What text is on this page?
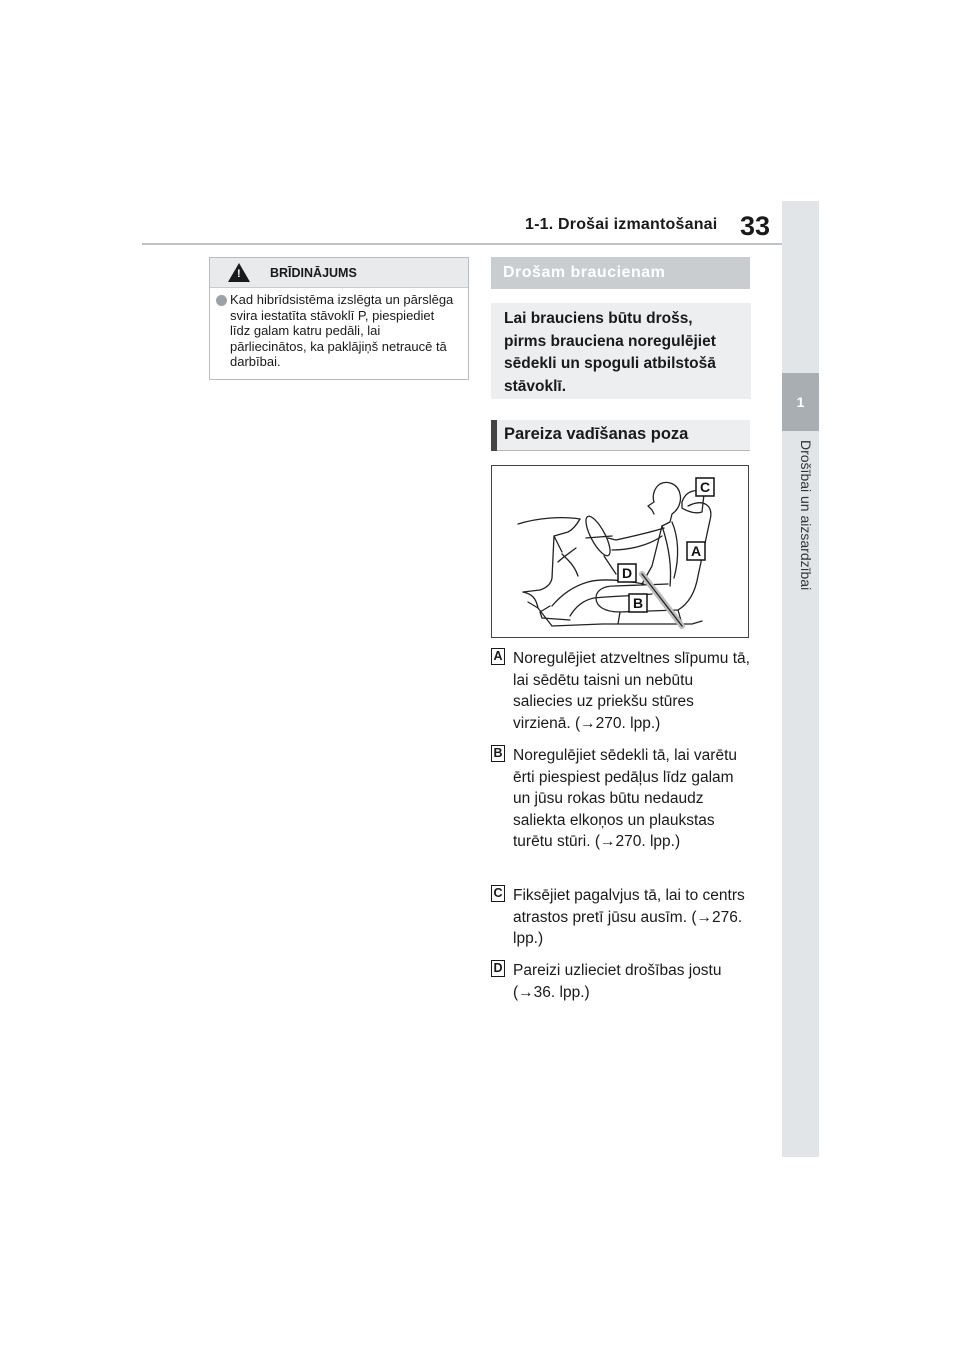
1-1. Drošai izmantošanai 33
1
Drošībai un aizsardzībai
! BRĪDINĀJUMS
Kad hibrīdsistēma izslēgta un pārslēga svira iestatīta stāvoklī P, piespiediet līdz galam katru pedāli, lai pārliecinātos, ka paklājiņš netraucē tā darbībai.
Drošam braucienam
Lai brauciens būtu drošs, pirms brauciena noregulējiet sēdekli un spoguli atbilstošā stāvoklī.
Pareiza vadīšanas poza
C
A
D
B
A Noregulējiet atzveltnes slīpumu tā, lai sēdētu taisni un nebūtu saliecies uz priekšu stūres virzienā. (→270. lpp.)
B Noregulējiet sēdekli tā, lai varētu ērti piespiest pedāļus līdz galam un jūsu rokas būtu nedaudz saliekta elkoņos un plaukstas turētu stūri. (→270. lpp.)
C Fiksējiet pagalvjus tā, lai to centrs atrastos pretī jūsu ausīm. (→276. lpp.)
D Pareizi uzlieciet drošības jostu (→36. lpp.)
